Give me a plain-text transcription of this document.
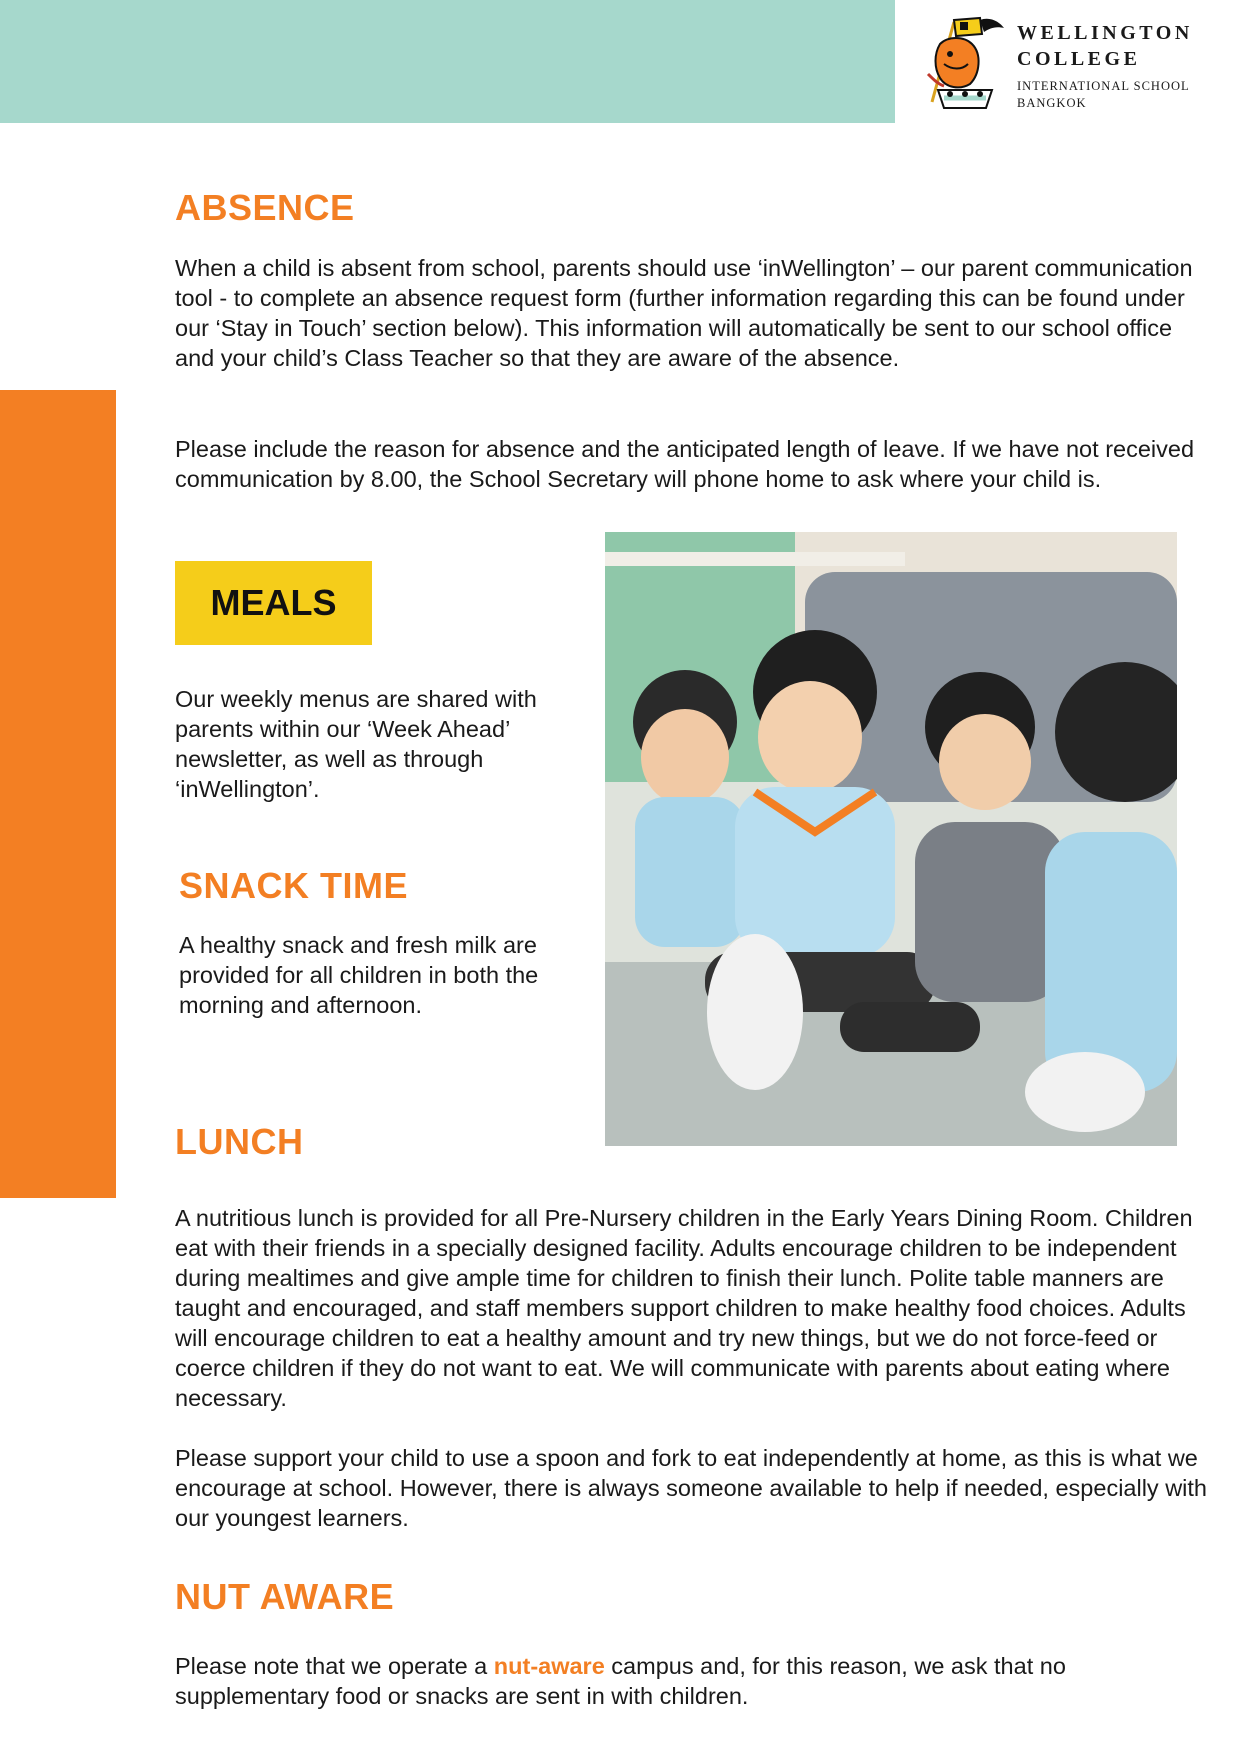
WELLINGTON
COLLEGE
INTERNATIONAL SCHOOL
BANGKOK
ABSENCE

When a child is absent from school, parents should use ‘inWellington’ – our parent communication tool - to complete an absence request form (further information regarding this can be found under our ‘Stay in Touch’ section below). This information will automatically be sent to our school office and your child’s Class Teacher so that they are aware of the absence.

Please include the reason for absence and the anticipated length of leave. If we have not received communication by 8.00, the School Secretary will phone home to ask where your child is.

MEALS

Our weekly menus are shared with parents within our ‘Week Ahead’ newsletter, as well as through ‘inWellington’.

SNACK TIME

A healthy snack and fresh milk are provided for all children in both the morning and afternoon.

LUNCH

A nutritious lunch is provided for all Pre-Nursery children in the Early Years Dining Room. Children eat with their friends in a specially designed facility. Adults encourage children to be independent during mealtimes and give ample time for children to finish their lunch. Polite table manners are taught and encouraged, and staff members support children to make healthy food choices. Adults will encourage children to eat a healthy amount and try new things, but we do not force-feed or coerce children if they do not want to eat. We will communicate with parents about eating where necessary.

Please support your child to use a spoon and fork to eat independently at home, as this is what we encourage at school. However, there is always someone available to help if needed, especially with our youngest learners.

NUT AWARE

Please note that we operate a nut-aware campus and, for this reason, we ask that no supplementary food or snacks are sent in with children.
